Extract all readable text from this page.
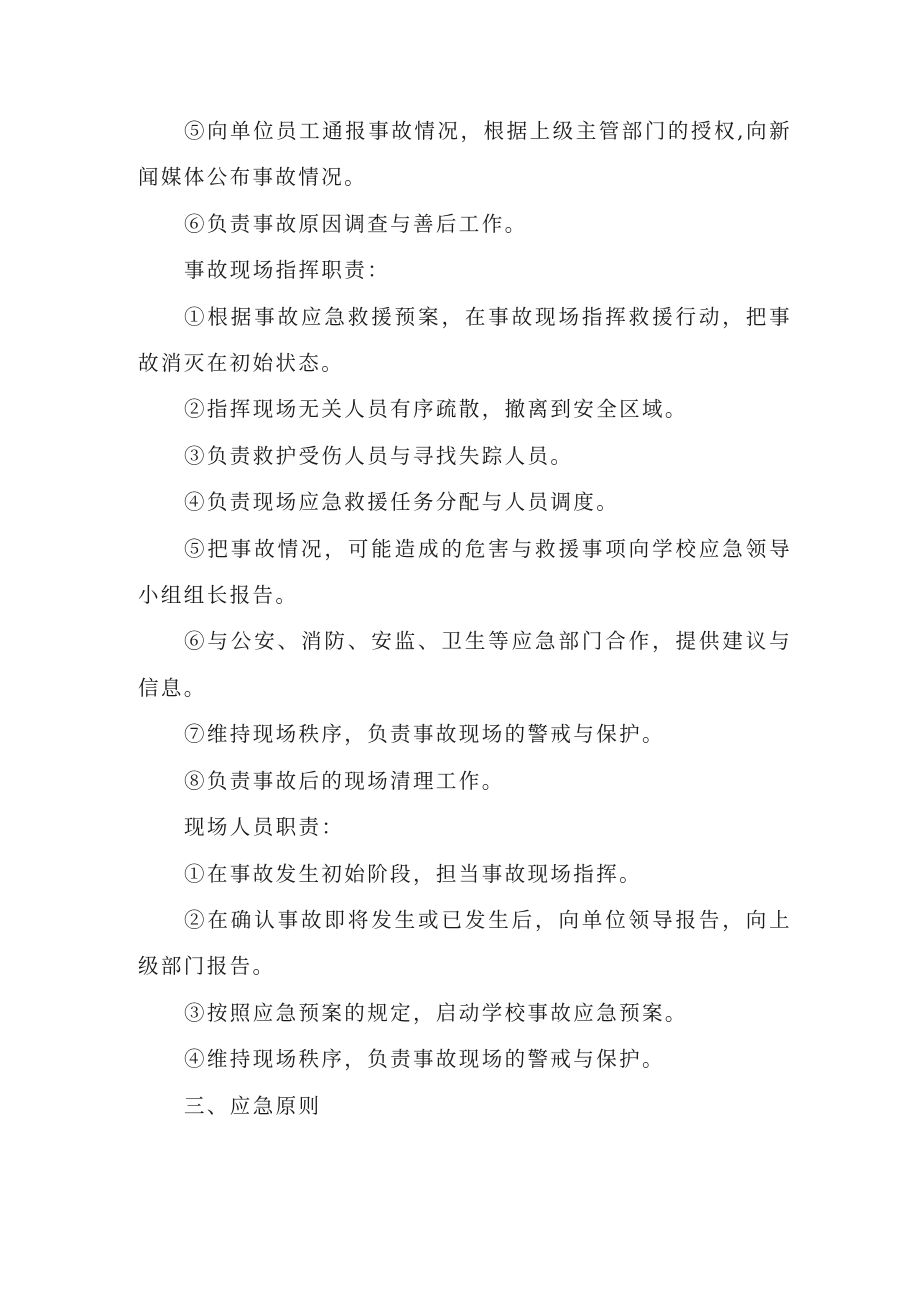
⑤向单位员工通报事故情况，根据上级主管部门的授权,向新闻媒体公布事故情况。

⑥负责事故原因调查与善后工作。

事故现场指挥职责：

①根据事故应急救援预案，在事故现场指挥救援行动，把事故消灭在初始状态。

②指挥现场无关人员有序疏散，撤离到安全区域。

③负责救护受伤人员与寻找失踪人员。

④负责现场应急救援任务分配与人员调度。

⑤把事故情况，可能造成的危害与救援事项向学校应急领导小组组长报告。

⑥与公安、消防、安监、卫生等应急部门合作，提供建议与信息。

⑦维持现场秩序，负责事故现场的警戒与保护。

⑧负责事故后的现场清理工作。

现场人员职责：

①在事故发生初始阶段，担当事故现场指挥。

②在确认事故即将发生或已发生后，向单位领导报告，向上级部门报告。

③按照应急预案的规定，启动学校事故应急预案。

④维持现场秩序，负责事故现场的警戒与保护。

三、应急原则
